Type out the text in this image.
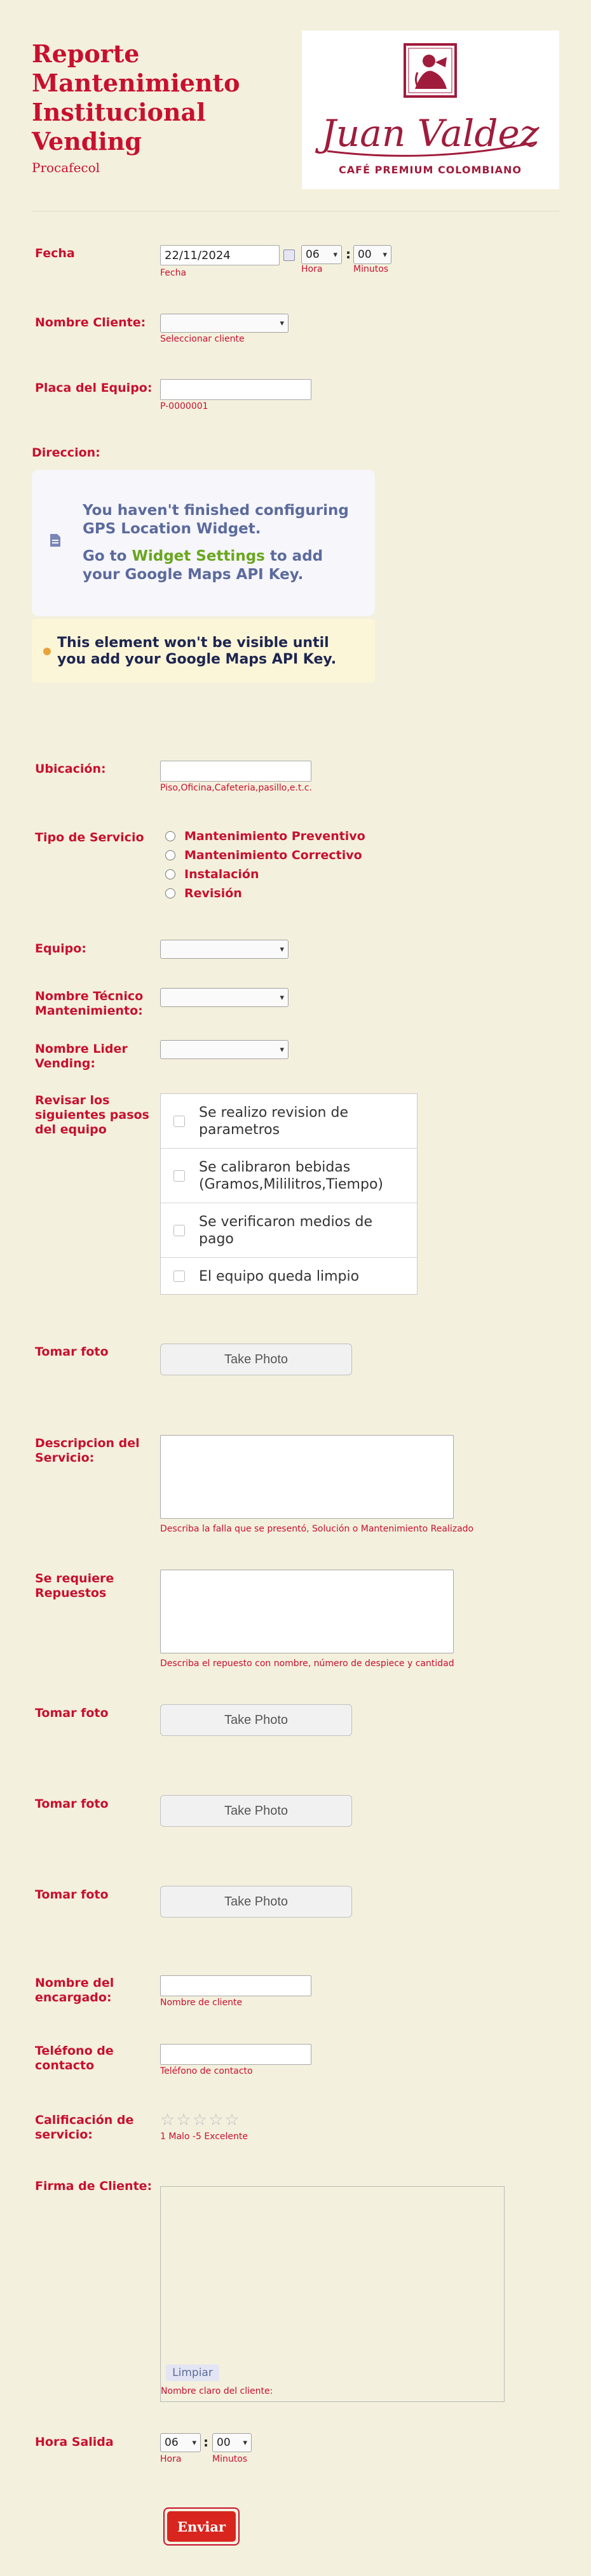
Reporte Mantenimiento Institucional Vending
Procafecol
Juan Valdez
CAFÉ PREMIUM COLOMBIANO
Fecha	22/11/2024	06 ▾ : 00 ▾
Fecha	Hora	Minutos
Nombre Cliente:	▾
Seleccionar cliente
Placa del Equipo:
P-0000001
Direccion:
You haven't finished configuring GPS Location Widget.
Go to Widget Settings to add your Google Maps API Key.
This element won't be visible until you add your Google Maps API Key.
Ubicación:
Piso,Oficina,Cafeteria,pasillo,e.t.c.
Tipo de Servicio	Mantenimiento Preventivo
Mantenimiento Correctivo
Instalación
Revisión
Equipo:	▾
Nombre Técnico Mantenimiento:
▾
Nombre Lider Vending:
▾
Revisar los siguientes pasos del equipo
Se realizo revision de parametros
Se calibraron bebidas (Gramos,Mililitros,Tiempo)
Se verificaron medios de pago
El equipo queda limpio
Tomar foto
Take Photo
Descripcion del Servicio:
Describa la falla que se presentó, Solución o Mantenimiento Realizado
Se requiere Repuestos
Describa el repuesto con nombre, número de despiece y cantidad
Tomar foto	Take Photo
Tomar foto	Take Photo
Tomar foto	Take Photo
Nombre del encargado:	Nombre de cliente
Teléfono de contacto	Teléfono de contacto
Calificación de servicio:
☆ ☆ ☆ ☆ ☆
1 Malo -5 Excelente
Firma de Cliente:
Limpiar
Nombre claro del cliente:
Hora Salida	06 ▾ : 00 ▾
Hora	Minutos
Enviar
